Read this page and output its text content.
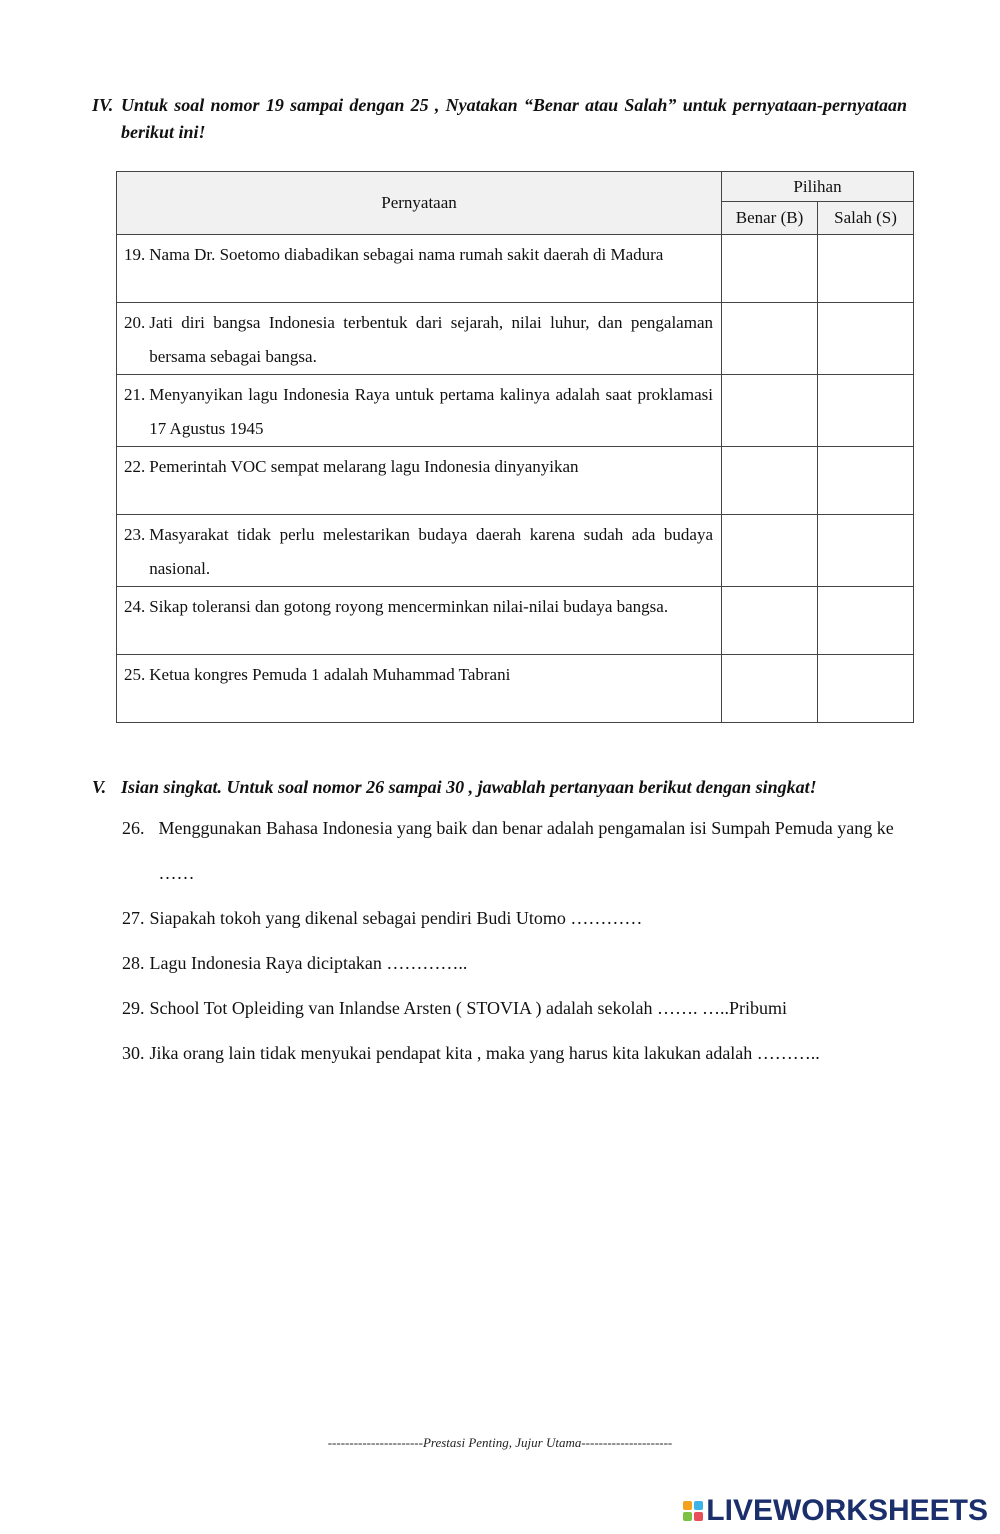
IV. Untuk soal nomor 19 sampai dengan 25 , Nyatakan “Benar atau Salah” untuk pernyataan-pernyataan berikut ini!
Pernyataan	Pilihan	
	Benar (B)	Salah (S)

19. Nama Dr. Soetomo diabadikan sebagai nama rumah sakit daerah di Madura		

20. Jati diri bangsa Indonesia terbentuk dari sejarah, nilai luhur, dan pengalaman bersama sebagai bangsa.		

21. Menyanyikan lagu Indonesia Raya untuk pertama kalinya adalah saat proklamasi 17 Agustus 1945		

22. Pemerintah VOC sempat melarang lagu Indonesia dinyanyikan		

23. Masyarakat tidak perlu melestarikan budaya daerah karena sudah ada budaya nasional.		

24. Sikap toleransi dan gotong royong mencerminkan nilai-nilai budaya bangsa.		

25. Ketua kongres Pemuda 1 adalah Muhammad Tabrani		

V. Isian singkat. Untuk soal nomor 26 sampai 30 , jawablah pertanyaan berikut dengan singkat!
26. Menggunakan Bahasa Indonesia yang baik dan benar adalah pengamalan isi Sumpah Pemuda yang ke ……
27. Siapakah tokoh yang dikenal sebagai pendiri Budi Utomo …………
28. Lagu Indonesia Raya diciptakan …………..
29. School Tot Opleiding van Inlandse Arsten ( STOVIA ) adalah sekolah ……. …..Pribumi
30. Jika orang lain tidak menyukai pendapat kita , maka yang harus kita lakukan adalah ………..
----------------------Prestasi Penting, Jujur Utama---------------------
LIVEWORKSHEETS
